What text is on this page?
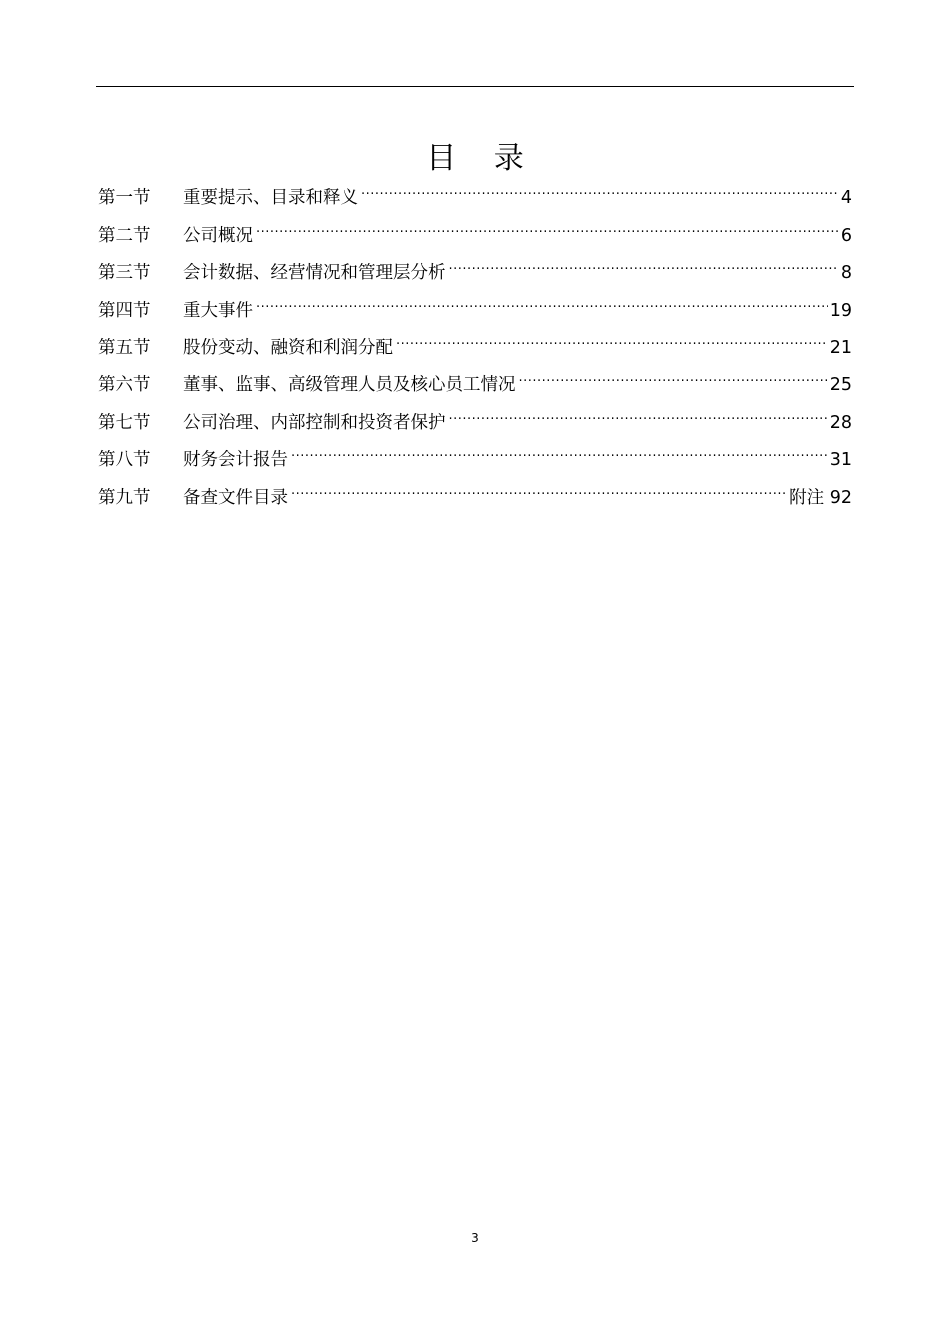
目 录
第一节	重要提示、目录和释义 .....	4
第二节	公司概况 .....	6
第三节	会计数据、经营情况和管理层分析 .....	8
第四节	重大事件 .....	19
第五节	股份变动、融资和利润分配 .....	21
第六节	董事、监事、高级管理人员及核心员工情况 .....	25
第七节	公司治理、内部控制和投资者保护 .....	28
第八节	财务会计报告 .....	31
第九节	备查文件目录 .....	附注 92
3
